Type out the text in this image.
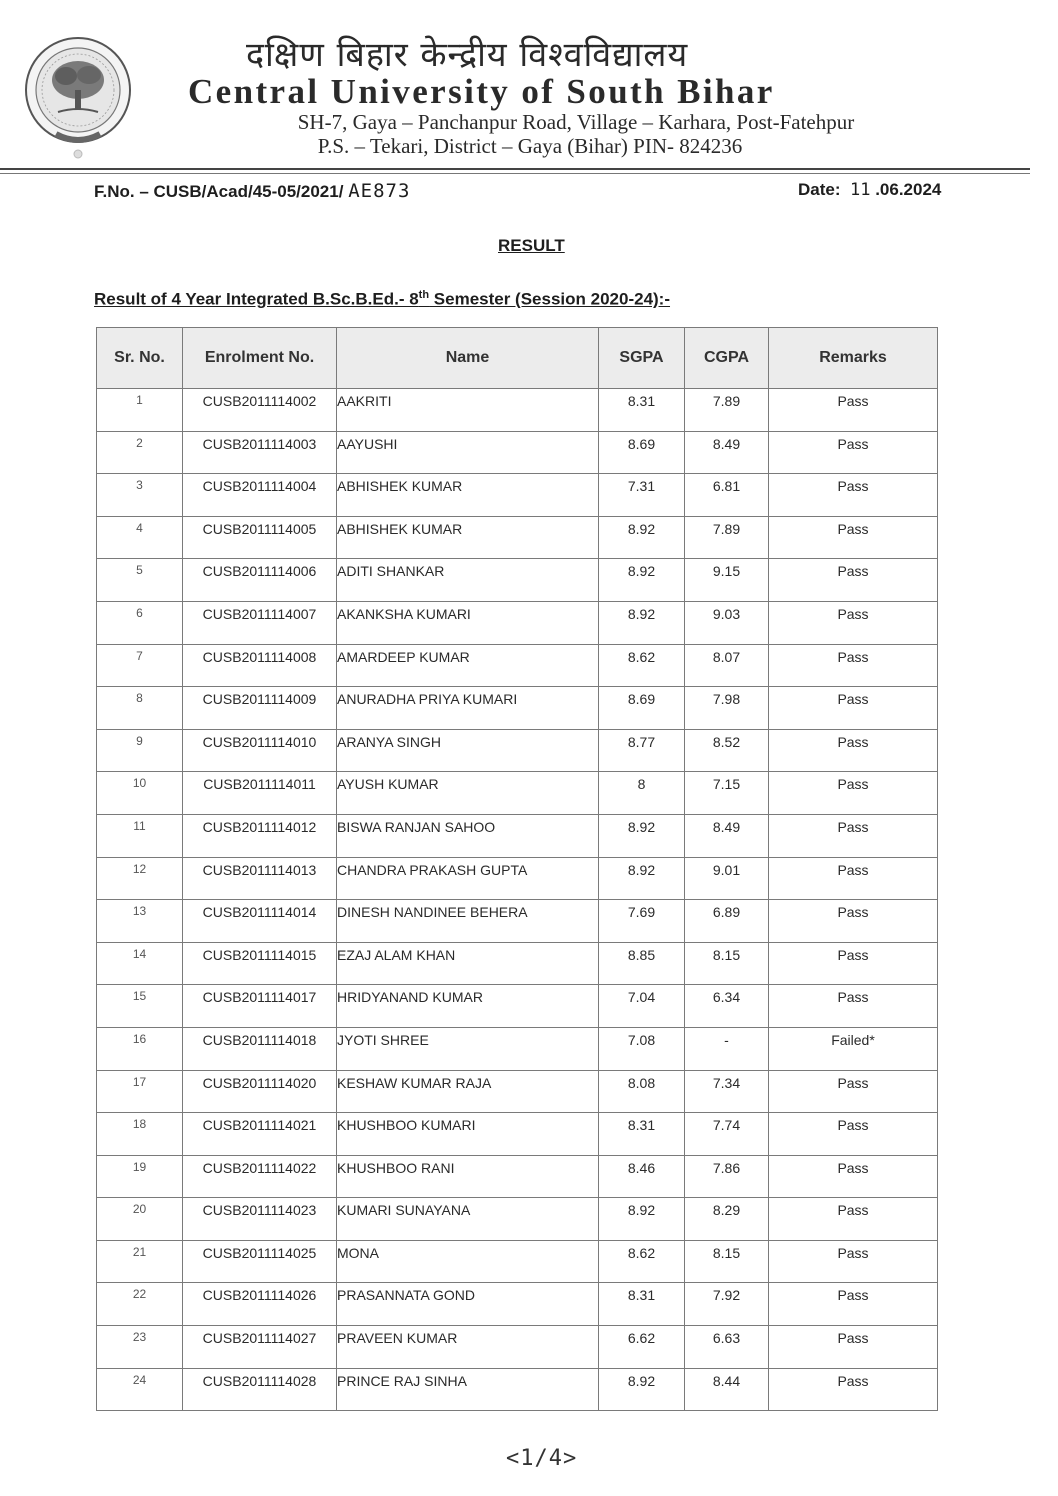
दक्षिण बिहार केन्द्रीय विश्वविद्यालय
Central University of South Bihar
SH-7, Gaya – Panchanpur Road, Village – Karhara, Post-Fatehpur
P.S. – Tekari, District – Gaya (Bihar) PIN- 824236
F.No. – CUSB/Acad/45-05/2021/ AE873	Date: 11 .06.2024
RESULT
Result of 4 Year Integrated B.Sc.B.Ed.- 8th Semester (Session 2020-24):-
Sr. No.	Enrolment No.	Name	SGPA	CGPA	Remarks
1	CUSB2011114002	AAKRITI	8.31	7.89	Pass
2	CUSB2011114003	AAYUSHI	8.69	8.49	Pass
3	CUSB2011114004	ABHISHEK KUMAR	7.31	6.81	Pass
4	CUSB2011114005	ABHISHEK KUMAR	8.92	7.89	Pass
5	CUSB2011114006	ADITI SHANKAR	8.92	9.15	Pass
6	CUSB2011114007	AKANKSHA KUMARI	8.92	9.03	Pass
7	CUSB2011114008	AMARDEEP KUMAR	8.62	8.07	Pass
8	CUSB2011114009	ANURADHA PRIYA KUMARI	8.69	7.98	Pass
9	CUSB2011114010	ARANYA SINGH	8.77	8.52	Pass
10	CUSB2011114011	AYUSH KUMAR	8	7.15	Pass
11	CUSB2011114012	BISWA RANJAN SAHOO	8.92	8.49	Pass
12	CUSB2011114013	CHANDRA PRAKASH GUPTA	8.92	9.01	Pass
13	CUSB2011114014	DINESH NANDINEE BEHERA	7.69	6.89	Pass
14	CUSB2011114015	EZAJ ALAM KHAN	8.85	8.15	Pass
15	CUSB2011114017	HRIDYANAND KUMAR	7.04	6.34	Pass
16	CUSB2011114018	JYOTI SHREE	7.08	-	Failed*
17	CUSB2011114020	KESHAW KUMAR RAJA	8.08	7.34	Pass
18	CUSB2011114021	KHUSHBOO KUMARI	8.31	7.74	Pass
19	CUSB2011114022	KHUSHBOO RANI	8.46	7.86	Pass
20	CUSB2011114023	KUMARI SUNAYANA	8.92	8.29	Pass
21	CUSB2011114025	MONA	8.62	8.15	Pass
22	CUSB2011114026	PRASANNATA GOND	8.31	7.92	Pass
23	CUSB2011114027	PRAVEEN KUMAR	6.62	6.63	Pass
24	CUSB2011114028	PRINCE RAJ SINHA	8.92	8.44	Pass
<1/4>
